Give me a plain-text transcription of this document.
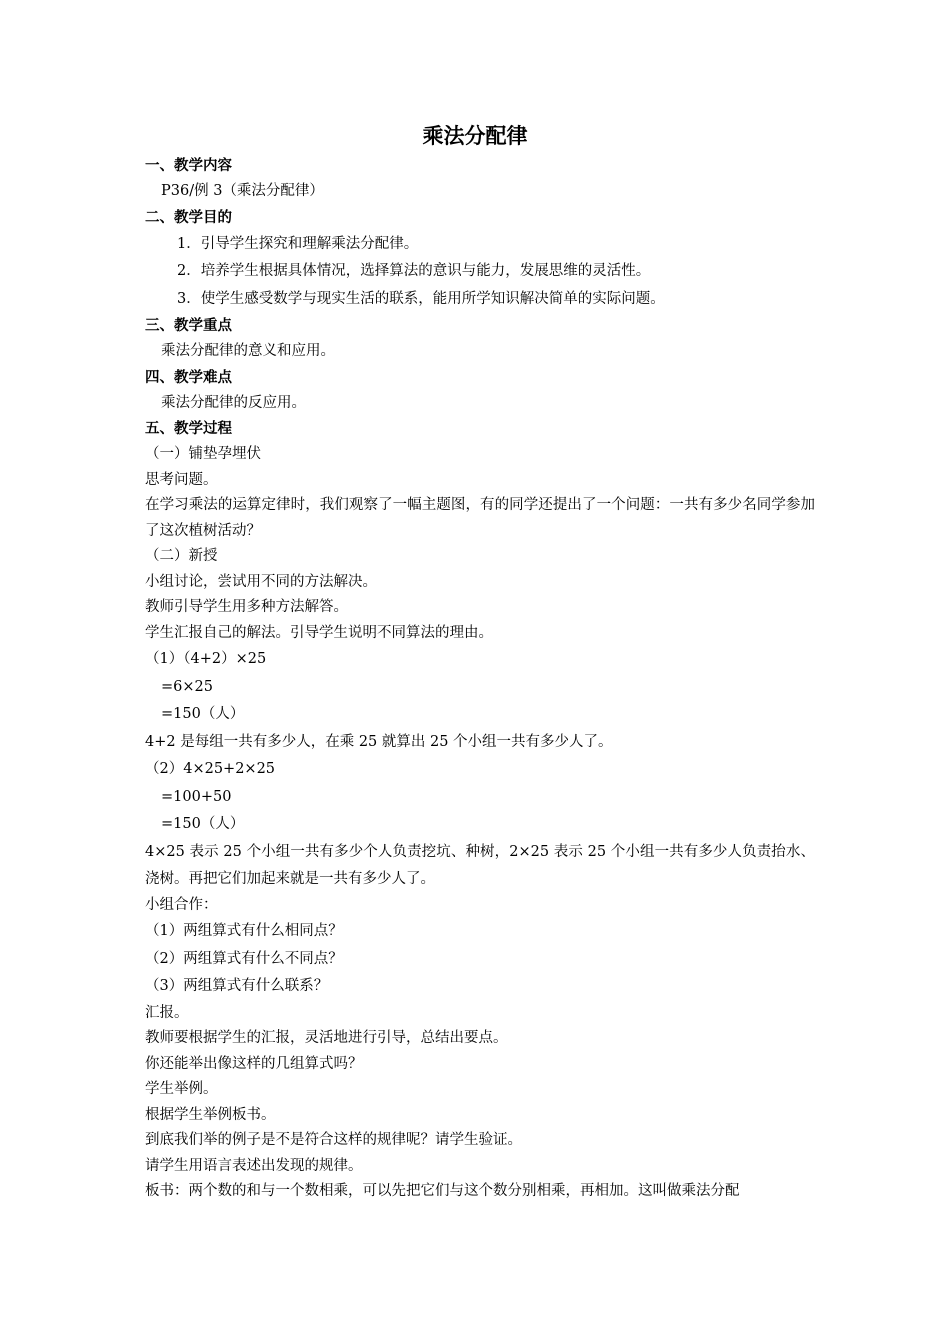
乘法分配律
一、教学内容
P36/例 3（乘法分配律）
二、教学目的
1．引导学生探究和理解乘法分配律。
2．培养学生根据具体情况，选择算法的意识与能力，发展思维的灵活性。
3．使学生感受数学与现实生活的联系，能用所学知识解决简单的实际问题。
三、教学重点
乘法分配律的意义和应用。
四、教学难点
乘法分配律的反应用。
五、教学过程
（一）铺垫孕埋伏
思考问题。
在学习乘法的运算定律时，我们观察了一幅主题图，有的同学还提出了一个问题：一共有多少名同学参加了这次植树活动？
（二）新授
小组讨论，尝试用不同的方法解决。
教师引导学生用多种方法解答。
学生汇报自己的解法。引导学生说明不同算法的理由。
（1）（4+2）×25
=6×25
=150（人）
4+2 是每组一共有多少人，在乘 25 就算出 25 个小组一共有多少人了。
（2）4×25+2×25
=100+50
=150（人）
4×25 表示 25 个小组一共有多少个人负责挖坑、种树，2×25 表示 25 个小组一共有多少人负责抬水、浇树。再把它们加起来就是一共有多少人了。
小组合作：
（1）两组算式有什么相同点？
（2）两组算式有什么不同点？
（3）两组算式有什么联系？
汇报。
教师要根据学生的汇报，灵活地进行引导，总结出要点。
你还能举出像这样的几组算式吗？
学生举例。
根据学生举例板书。
到底我们举的例子是不是符合这样的规律呢？请学生验证。
请学生用语言表述出发现的规律。
板书：两个数的和与一个数相乘，可以先把它们与这个数分别相乘，再相加。这叫做乘法分配
